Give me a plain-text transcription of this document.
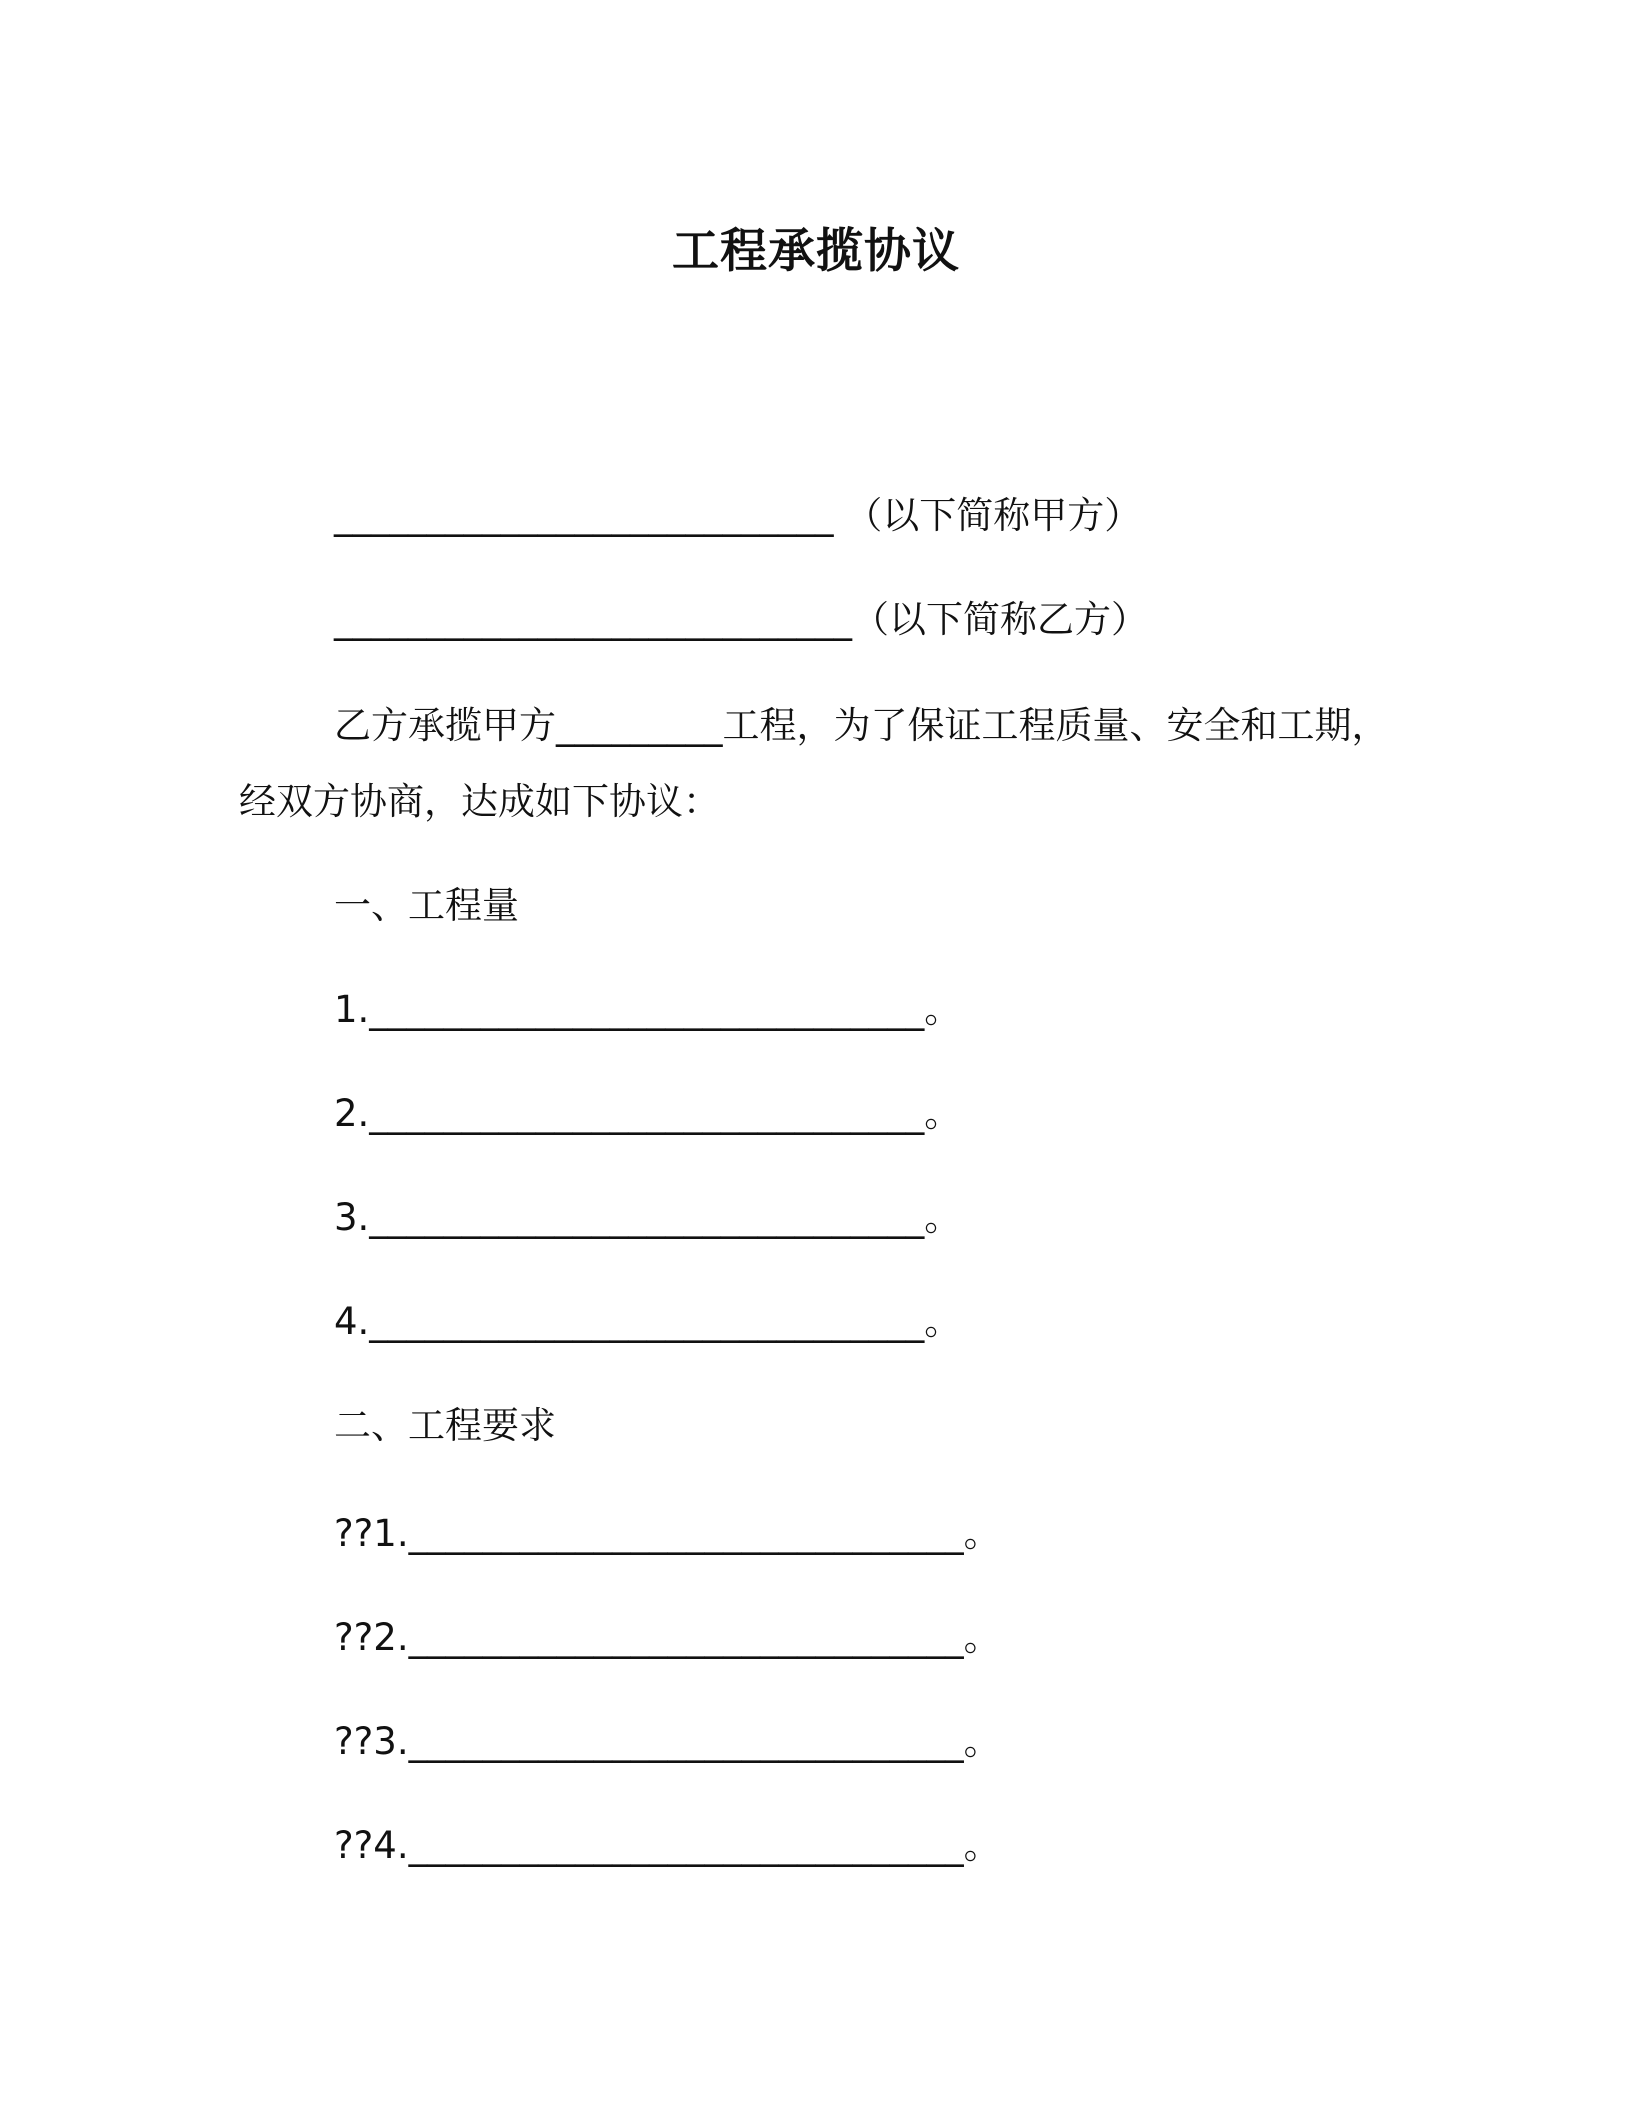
工程承揽协议
___________________________ （以下简称甲方）
____________________________（以下简称乙方）
乙方承揽甲方_________工程，为了保证工程质量、安全和工期，
经双方协商，达成如下协议：
一、工程量
1.______________________________。
2.______________________________。
3.______________________________。
4.______________________________。
二、工程要求
??1.______________________________。
??2.______________________________。
??3.______________________________。
??4.______________________________。
